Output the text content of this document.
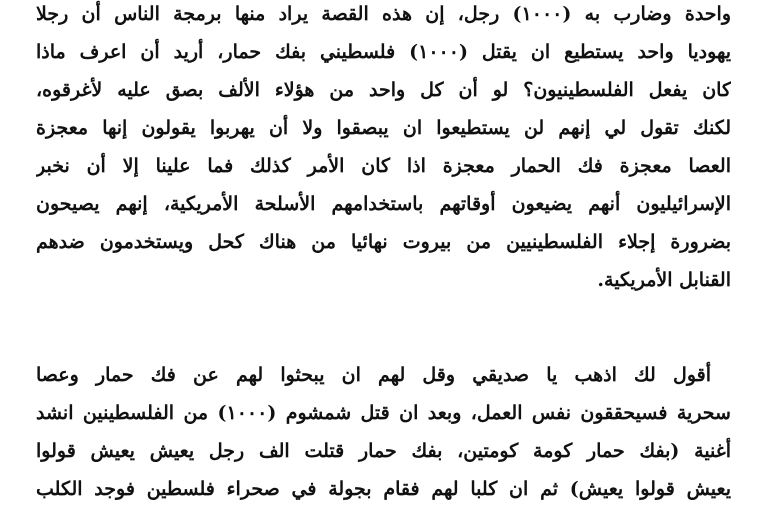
واحدة وضارب به (١٠٠٠) رجل، إن هذه القصة يراد منها برمجة الناس أن رجلا
يهوديا واحد يستطيع ان يقتل (١٠٠٠) فلسطيني بفك حمار، أريد أن اعرف ماذا
كان يفعل الفلسطينيون؟ لو أن كل واحد من هؤلاء الألف بصق عليه لأغرقوه،
لكنك تقول لي إنهم لن يستطيعوا ان يبصقوا ولا أن يهربوا يقولون إنها معجزة
العصا معجزة فك الحمار معجزة اذا كان الأمر كذلك فما علينا إلا أن نخبر
الإسرائيليون أنهم يضيعون أوقاتهم باستخدامهم الأسلحة الأمريكية، إنهم يصيحون
بضرورة إجلاء الفلسطينيين من بيروت نهائيا من هناك كحل ويستخدمون ضدهم
القنابل الأمريكية.
أقول لك اذهب يا صديقي وقل لهم ان يبحثوا لهم عن فك حمار وعصا
سحرية فسيحققون نفس العمل، وبعد ان قتل شمشوم (١٠٠٠) من الفلسطينين انشد
أغنية (بفك حمار كومة كومتين، بفك حمار قتلت الف رجل يعيش يعيش قولوا
يعيش قولوا يعيش) ثم ان كلبا لهم فقام بجولة في صحراء فلسطين فوجد الكلب
